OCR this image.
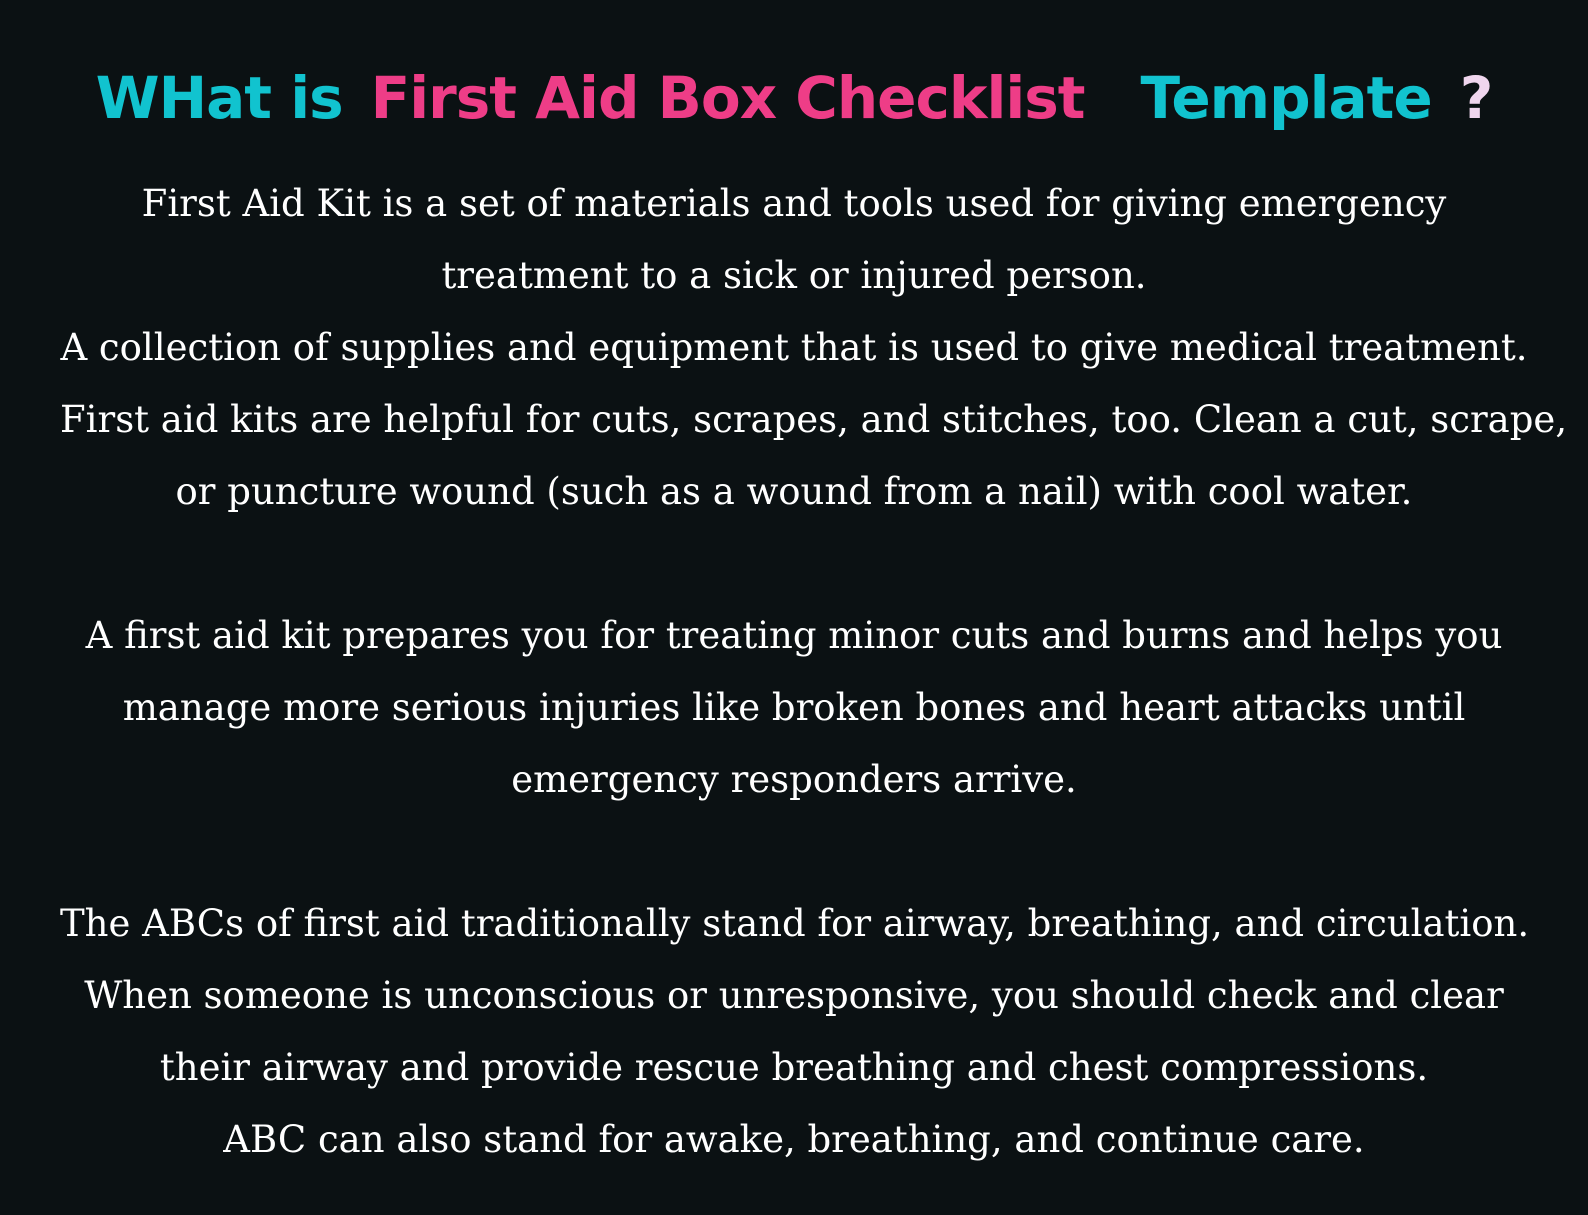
WHat is First Aid Box Checklist Template ?
First Aid Kit is a set of materials and tools used for giving emergency
treatment to a sick or injured person.
A collection of supplies and equipment that is used to give medical treatment.
First aid kits are helpful for cuts, scrapes, and stitches, too. Clean a cut, scrape,
or puncture wound (such as a wound from a nail) with cool water.
A first aid kit prepares you for treating minor cuts and burns and helps you
manage more serious injuries like broken bones and heart attacks until
emergency responders arrive.
The ABCs of first aid traditionally stand for airway, breathing, and circulation.
When someone is unconscious or unresponsive, you should check and clear
their airway and provide rescue breathing and chest compressions.
ABC can also stand for awake, breathing, and continue care.
